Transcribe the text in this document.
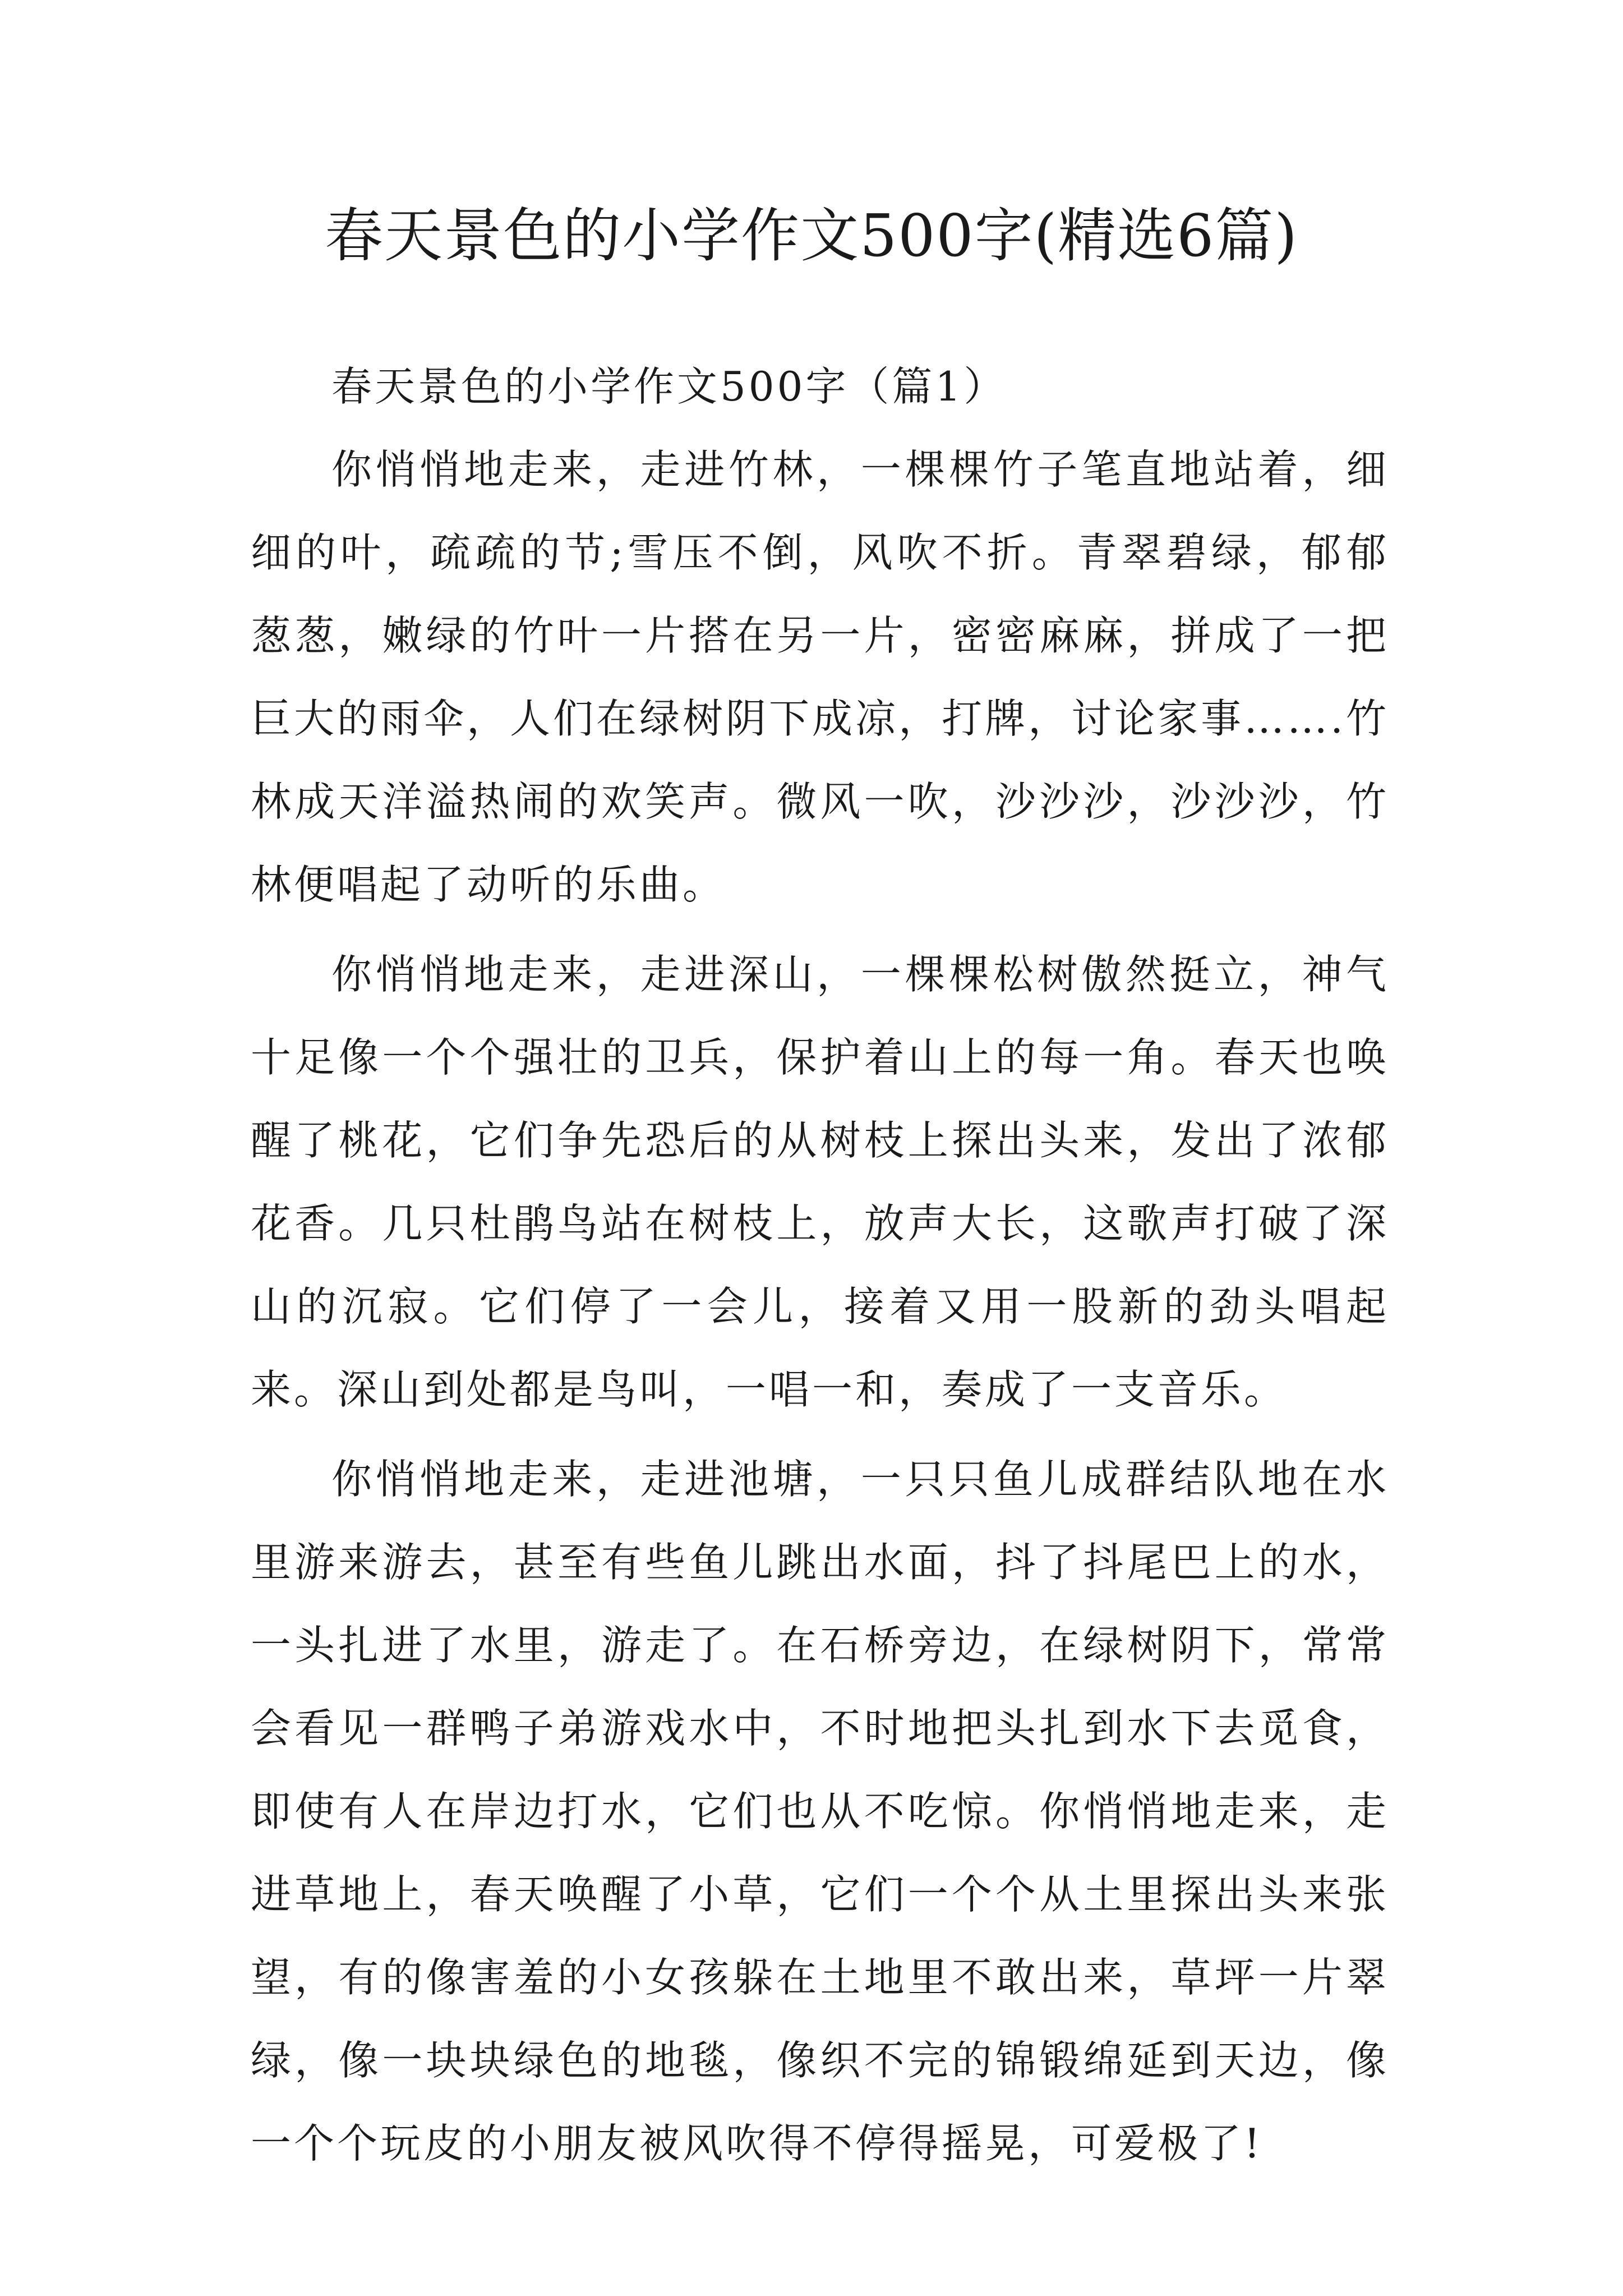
春天景色的小学作文500字(精选6篇)

春天景色的小学作文500字（篇1）

你悄悄地走来，走进竹林，一棵棵竹子笔直地站着，细细的叶，疏疏的节;雪压不倒，风吹不折。青翠碧绿，郁郁葱葱，嫩绿的竹叶一片搭在另一片，密密麻麻，拼成了一把巨大的雨伞，人们在绿树阴下成凉，打牌，讨论家事…….竹林成天洋溢热闹的欢笑声。微风一吹，沙沙沙，沙沙沙，竹林便唱起了动听的乐曲。

你悄悄地走来，走进深山，一棵棵松树傲然挺立，神气十足像一个个强壮的卫兵，保护着山上的每一角。春天也唤醒了桃花，它们争先恐后的从树枝上探出头来，发出了浓郁花香。几只杜鹃鸟站在树枝上，放声大长，这歌声打破了深山的沉寂。它们停了一会儿，接着又用一股新的劲头唱起来。深山到处都是鸟叫，一唱一和，奏成了一支音乐。

你悄悄地走来，走进池塘，一只只鱼儿成群结队地在水里游来游去，甚至有些鱼儿跳出水面，抖了抖尾巴上的水，一头扎进了水里，游走了。在石桥旁边，在绿树阴下，常常会看见一群鸭子弟游戏水中，不时地把头扎到水下去觅食，即使有人在岸边打水，它们也从不吃惊。你悄悄地走来，走进草地上，春天唤醒了小草，它们一个个从土里探出头来张望，有的像害羞的小女孩躲在土地里不敢出来，草坪一片翠绿，像一块块绿色的地毯，像织不完的锦锻绵延到天边，像一个个玩皮的小朋友被风吹得不停得摇晃，可爱极了!
